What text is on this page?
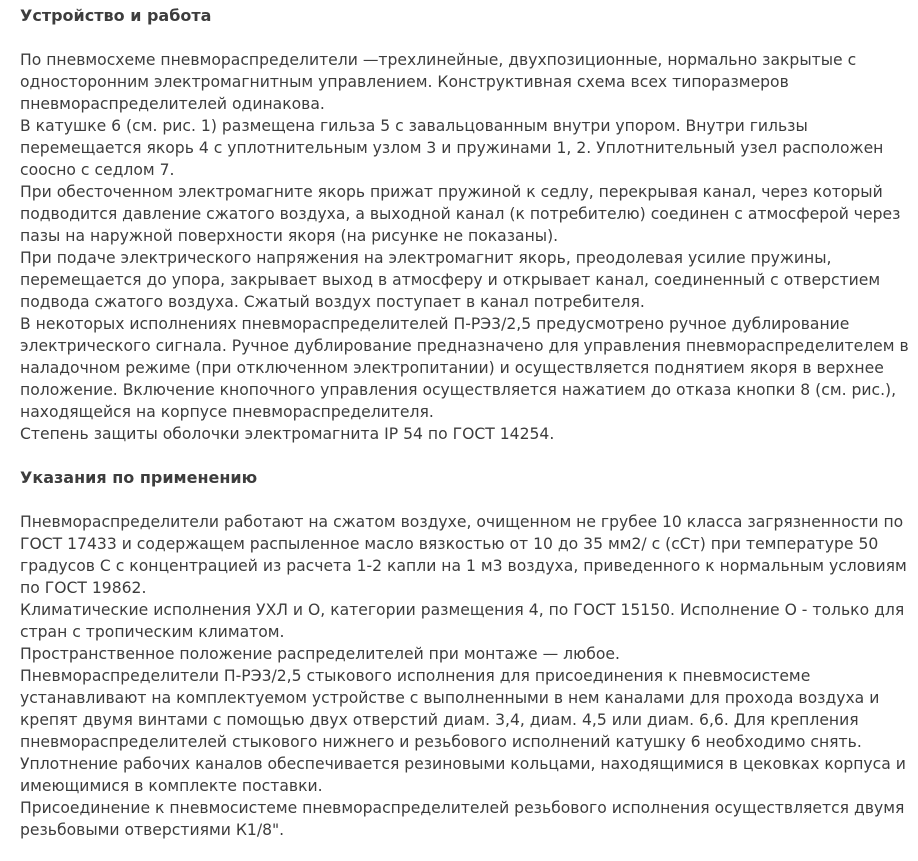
Устройство и работа

По пневмосхеме пневмораспределители —трехлинейные, двухпозиционные, нормально закрытые с односторонним электромагнитным управлением. Конструктивная схема всех типоразмеров пневмораспределителей одинакова.

В катушке 6 (см. рис. 1) размещена гильза 5 с завальцованным внутри упором. Внутри гильзы перемещается якорь 4 с уплотнительным узлом 3 и пружинами 1, 2. Уплотнительный узел расположен соосно с седлом 7.

При обесточенном электромагните якорь прижат пружиной к седлу, перекрывая канал, через который подводится давление сжатого воздуха, а выходной канал (к потребителю) соединен с атмосферой через пазы на наружной поверхности якоря (на рисунке не показаны).

При подаче электрического напряжения на электромагнит якорь, преодолевая усилие пружины, перемещается до упора, закрывает выход в атмосферу и открывает канал, соединенный с отверстием подвода сжатого воздуха. Сжатый воздух поступает в канал потребителя.

В некоторых исполнениях пневмораспределителей П-РЭ3/2,5 предусмотрено ручное дублирование электрического сигнала. Ручное дублирование предназначено для управления пневмораспределителем в наладочном режиме (при отключенном электропитании) и осуществляется поднятием якоря в верхнее положение. Включение кнопочного управления осуществляется нажатием до отказа кнопки 8 (см. рис.), находящейся на корпусе пневмораспределителя.

Степень защиты оболочки электромагнита IP 54 по ГОСТ 14254.

Указания по применению

Пневмораспределители работают на сжатом воздухе, очищенном не грубее 10 класса загрязненности по ГОСТ 17433 и содержащем распыленное масло вязкостью от 10 до 35 мм2/ с (сСт) при температуре 50 градусов С с концентрацией из расчета 1-2 капли на 1 м3 воздуха, приведенного к нормальным условиям по ГОСТ 19862.

Климатические исполнения УХЛ и О, категории размещения 4, по ГОСТ 15150. Исполнение О - только для стран с тропическим климатом.

Пространственное положение распределителей при монтаже — любое.

Пневмораспределители П-РЭ3/2,5 стыкового исполнения для присоединения к пневмосистеме устанавливают на комплектуемом устройстве с выполненными в нем каналами для прохода воздуха и крепят двумя винтами с помощью двух отверстий диам. 3,4, диам. 4,5 или диам. 6,6. Для крепления пневмораспределителей стыкового нижнего и резьбового исполнений катушку 6 необходимо снять.

Уплотнение рабочих каналов обеспечивается резиновыми кольцами, находящимися в цековках корпуса и имеющимися в комплекте поставки.

Присоединение к пневмосистеме пневмораспределителей резьбового исполнения осуществляется двумя резьбовыми отверстиями К1/8".
